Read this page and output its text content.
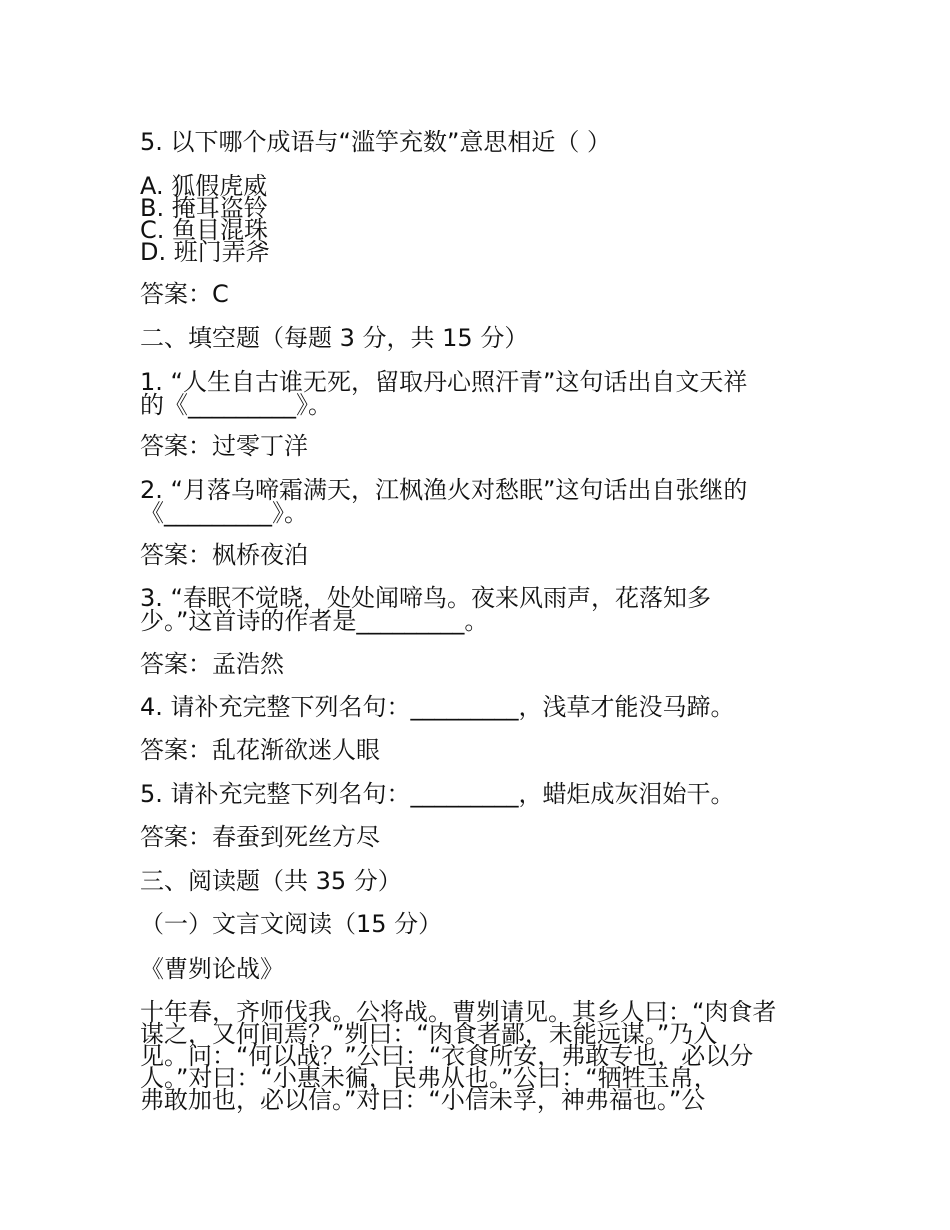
5. 以下哪个成语与“滥竽充数”意思相近（ ）
A. 狐假虎威
B. 掩耳盗铃
C. 鱼目混珠
D. 班门弄斧
答案：C
二、填空题（每题 3 分，共 15 分）
1. “人生自古谁无死，留取丹心照汗青”这句话出自文天祥
的《_________》。
答案：过零丁洋
2. “月落乌啼霜满天，江枫渔火对愁眠”这句话出自张继的
《_________》。
答案：枫桥夜泊
3. “春眠不觉晓，处处闻啼鸟。夜来风雨声，花落知多
少。”这首诗的作者是_________。
答案：孟浩然
4. 请补充完整下列名句：_________，浅草才能没马蹄。
答案：乱花渐欲迷人眼
5. 请补充完整下列名句：_________，蜡炬成灰泪始干。
答案：春蚕到死丝方尽
三、阅读题（共 35 分）
（一）文言文阅读（15 分）
《曹刿论战》
十年春，齐师伐我。公将战。曹刿请见。其乡人曰：“肉食者
谋之，又何间焉？”刿曰：“肉食者鄙，未能远谋。”乃入
见。问：“何以战？”公曰：“衣食所安，弗敢专也，必以分
人。”对曰：“小惠未徧，民弗从也。”公曰：“牺牲玉帛，
弗敢加也，必以信。”对曰：“小信未孚，神弗福也。”公
